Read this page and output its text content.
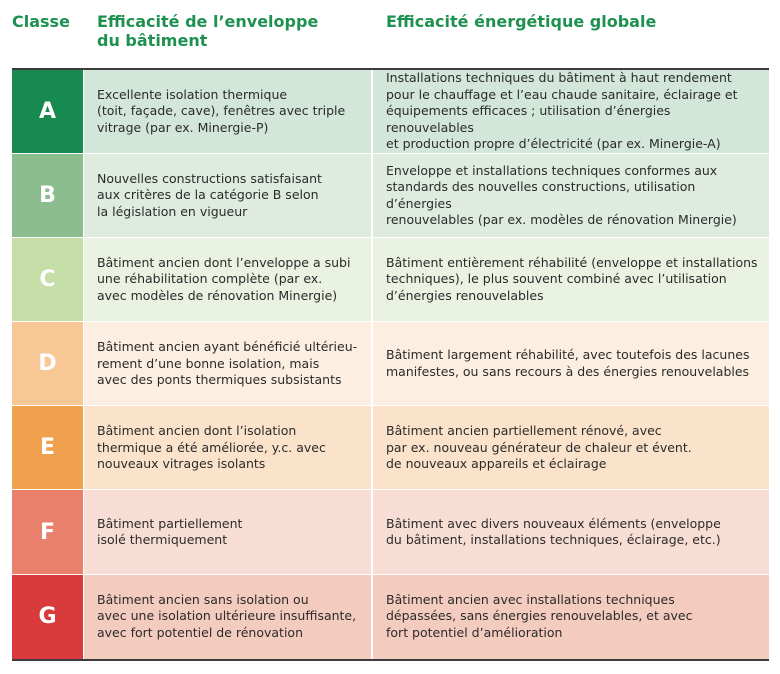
Classe Efficacité de l’enveloppe
du bâtiment
Efficacité énergétique globale
A
Excellente isolation thermique
(toit, façade, cave), fenêtres avec triple
vitrage (par ex. Minergie-P)
Installations techniques du bâtiment à haut rendement
pour le chauffage et l’eau chaude sanitaire, éclairage et
équipements efficaces ; utilisation d’énergies renouvelables
et production propre d’électricité (par ex. Minergie-A)
B
Nouvelles constructions satisfaisant
aux critères de la catégorie B selon
la législation en vigueur
Enveloppe et installations techniques conformes aux
standards des nouvelles constructions, utilisation d’énergies
renouvelables (par ex. modèles de rénovation Minergie)
C
Bâtiment ancien dont l’enveloppe a subi
une réhabilitation complète (par ex.
avec modèles de rénovation Minergie)
Bâtiment entièrement réhabilité (enveloppe et installations
techniques), le plus souvent combiné avec l’utilisation
d’énergies renouvelables
D
Bâtiment ancien ayant bénéficié ultérieu-
rement d’une bonne isolation, mais
avec des ponts thermiques subsistants
Bâtiment largement réhabilité, avec toutefois des lacunes
manifestes, ou sans recours à des énergies renouvelables
E
Bâtiment ancien dont l’isolation
thermique a été améliorée, y.c. avec
nouveaux vitrages isolants
Bâtiment ancien partiellement rénové, avec
par ex. nouveau générateur de chaleur et évent.
de nouveaux appareils et éclairage
F	Bâtiment partiellement
isolé thermiquement
Bâtiment avec divers nouveaux éléments (enveloppe
du bâtiment, installations techniques, éclairage, etc.)
G
Bâtiment ancien sans isolation ou
avec une isolation ultérieure insuffisante,
avec fort potentiel de rénovation
Bâtiment ancien avec installations techniques
dépassées, sans énergies renouvelables, et avec
fort potentiel d’amélioration
